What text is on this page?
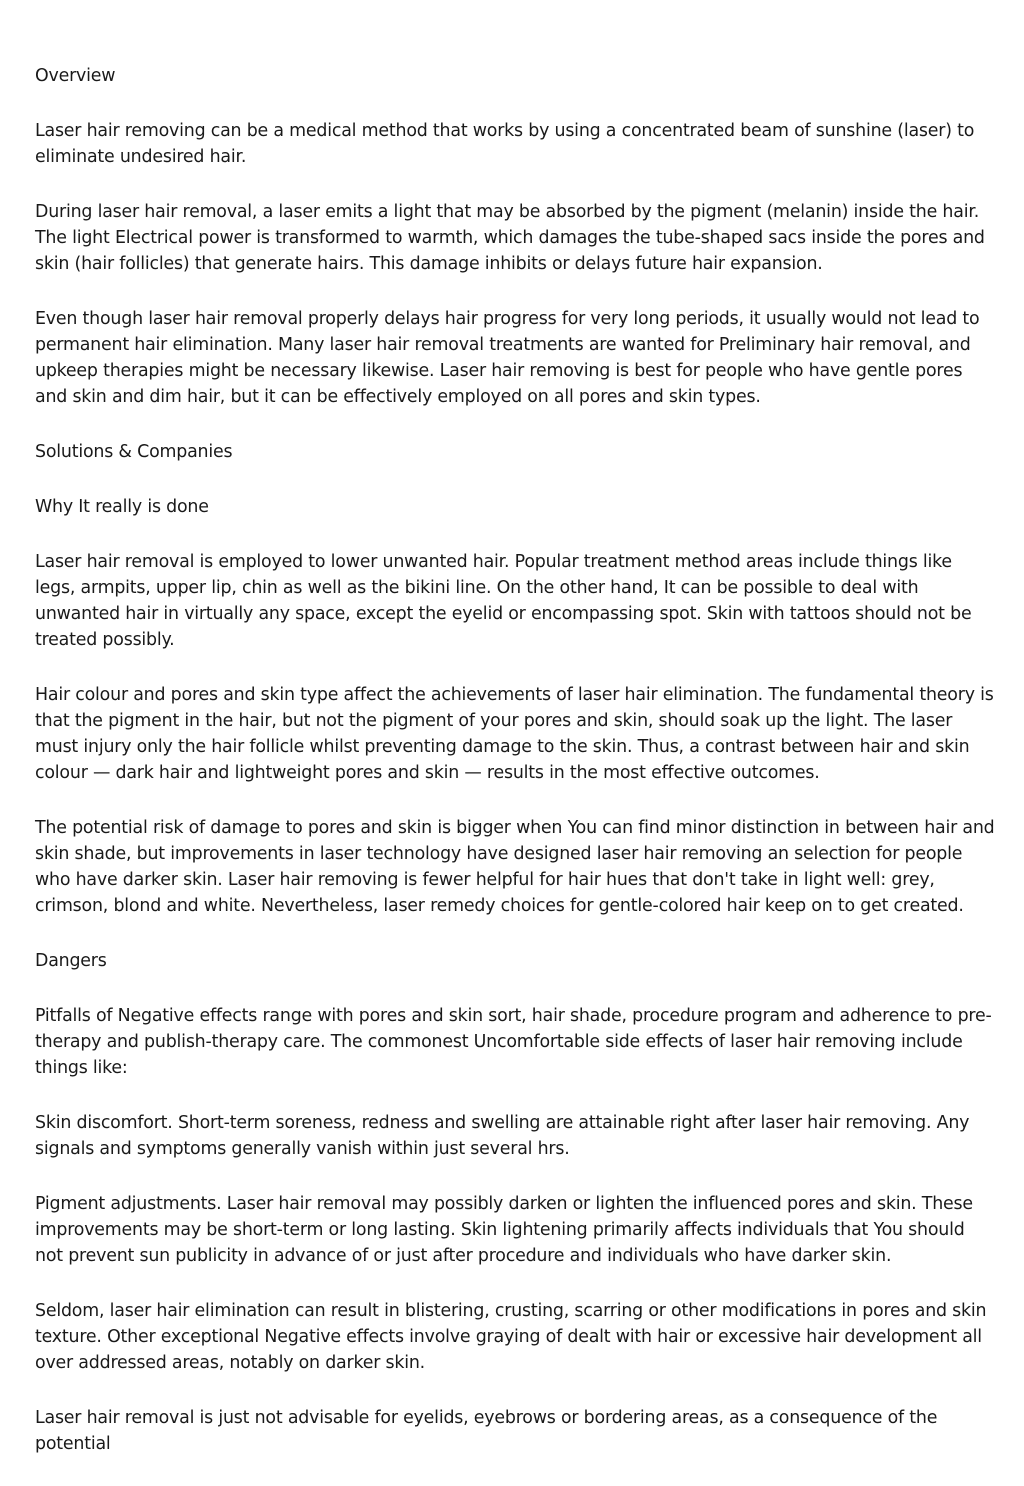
Overview

Laser hair removing can be a medical method that works by using a concentrated beam of sunshine (laser) to eliminate undesired hair.

During laser hair removal, a laser emits a light that may be absorbed by the pigment (melanin) inside the hair. The light Electrical power is transformed to warmth, which damages the tube-shaped sacs inside the pores and skin (hair follicles) that generate hairs. This damage inhibits or delays future hair expansion.

Even though laser hair removal properly delays hair progress for very long periods, it usually would not lead to permanent hair elimination. Many laser hair removal treatments are wanted for Preliminary hair removal, and upkeep therapies might be necessary likewise. Laser hair removing is best for people who have gentle pores and skin and dim hair, but it can be effectively employed on all pores and skin types.

Solutions & Companies

Why It really is done

Laser hair removal is employed to lower unwanted hair. Popular treatment method areas include things like legs, armpits, upper lip, chin as well as the bikini line. On the other hand, It can be possible to deal with unwanted hair in virtually any space, except the eyelid or encompassing spot. Skin with tattoos should not be treated possibly.

Hair colour and pores and skin type affect the achievements of laser hair elimination. The fundamental theory is that the pigment in the hair, but not the pigment of your pores and skin, should soak up the light. The laser must injury only the hair follicle whilst preventing damage to the skin. Thus, a contrast between hair and skin colour — dark hair and lightweight pores and skin — results in the most effective outcomes.

The potential risk of damage to pores and skin is bigger when You can find minor distinction in between hair and skin shade, but improvements in laser technology have designed laser hair removing an selection for people who have darker skin. Laser hair removing is fewer helpful for hair hues that don't take in light well: grey, crimson, blond and white. Nevertheless, laser remedy choices for gentle-colored hair keep on to get created.

Dangers

Pitfalls of Negative effects range with pores and skin sort, hair shade, procedure program and adherence to pre-therapy and publish-therapy care. The commonest Uncomfortable side effects of laser hair removing include things like:

Skin discomfort. Short-term soreness, redness and swelling are attainable right after laser hair removing. Any signals and symptoms generally vanish within just several hrs.

Pigment adjustments. Laser hair removal may possibly darken or lighten the influenced pores and skin. These improvements may be short-term or long lasting. Skin lightening primarily affects individuals that You should not prevent sun publicity in advance of or just after procedure and individuals who have darker skin.

Seldom, laser hair elimination can result in blistering, crusting, scarring or other modifications in pores and skin texture. Other exceptional Negative effects involve graying of dealt with hair or excessive hair development all over addressed areas, notably on darker skin.

Laser hair removal is just not advisable for eyelids, eyebrows or bordering areas, as a consequence of the potential
